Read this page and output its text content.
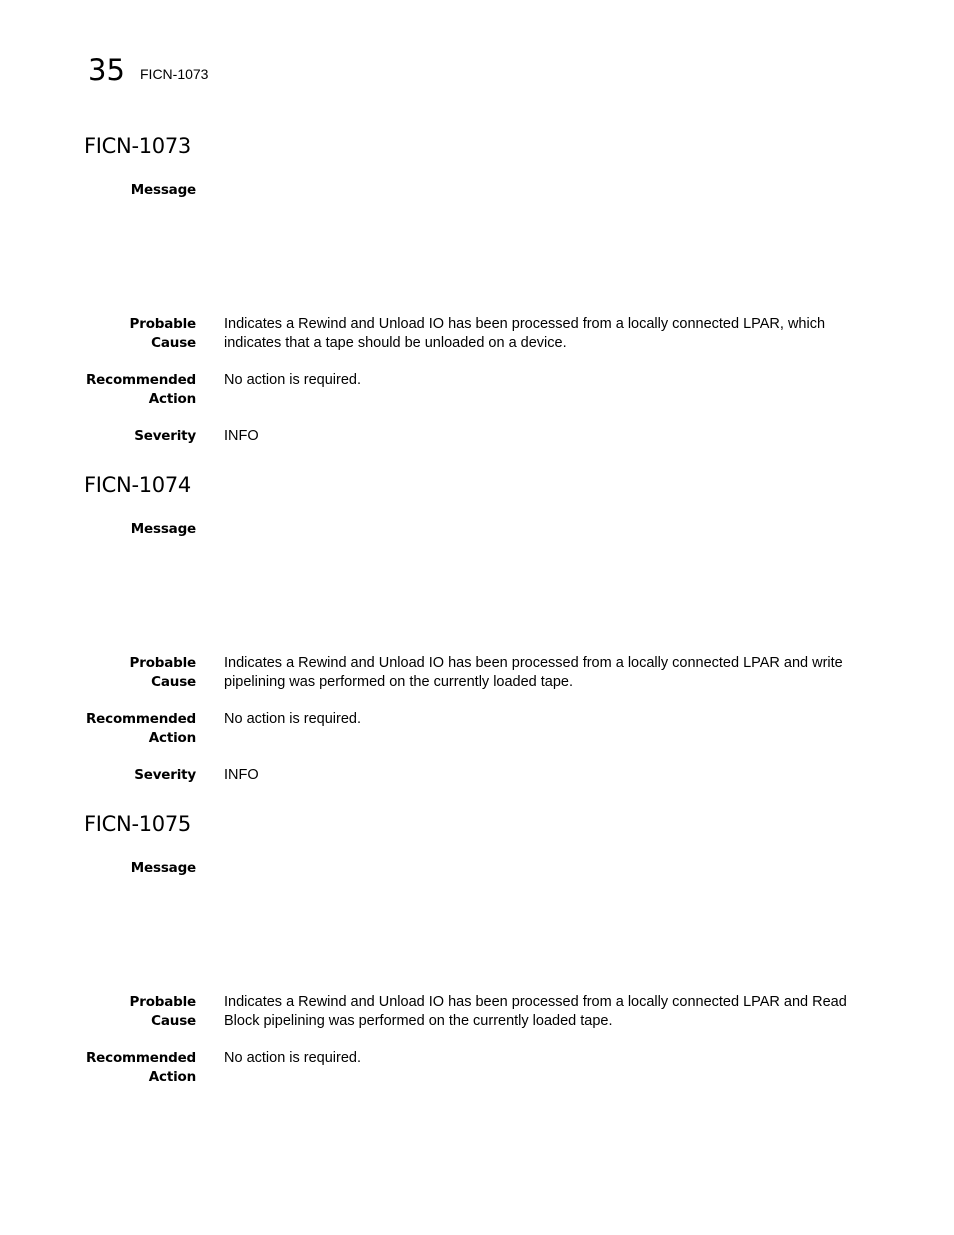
35 FICN-1073
FICN-1073
Message
Probable Cause
Indicates a Rewind and Unload IO has been processed from a locally connected LPAR, which indicates that a tape should be unloaded on a device.
Recommended
Action
No action is required.
Severity INFO
FICN-1074
Message
Probable Cause
Indicates a Rewind and Unload IO has been processed from a locally connected LPAR and write pipelining was performed on the currently loaded tape.
Recommended
Action
No action is required.
Severity INFO
FICN-1075
Message
Probable Cause
Indicates a Rewind and Unload IO has been processed from a locally connected LPAR and Read Block pipelining was performed on the currently loaded tape.
Recommended
Action
No action is required.
